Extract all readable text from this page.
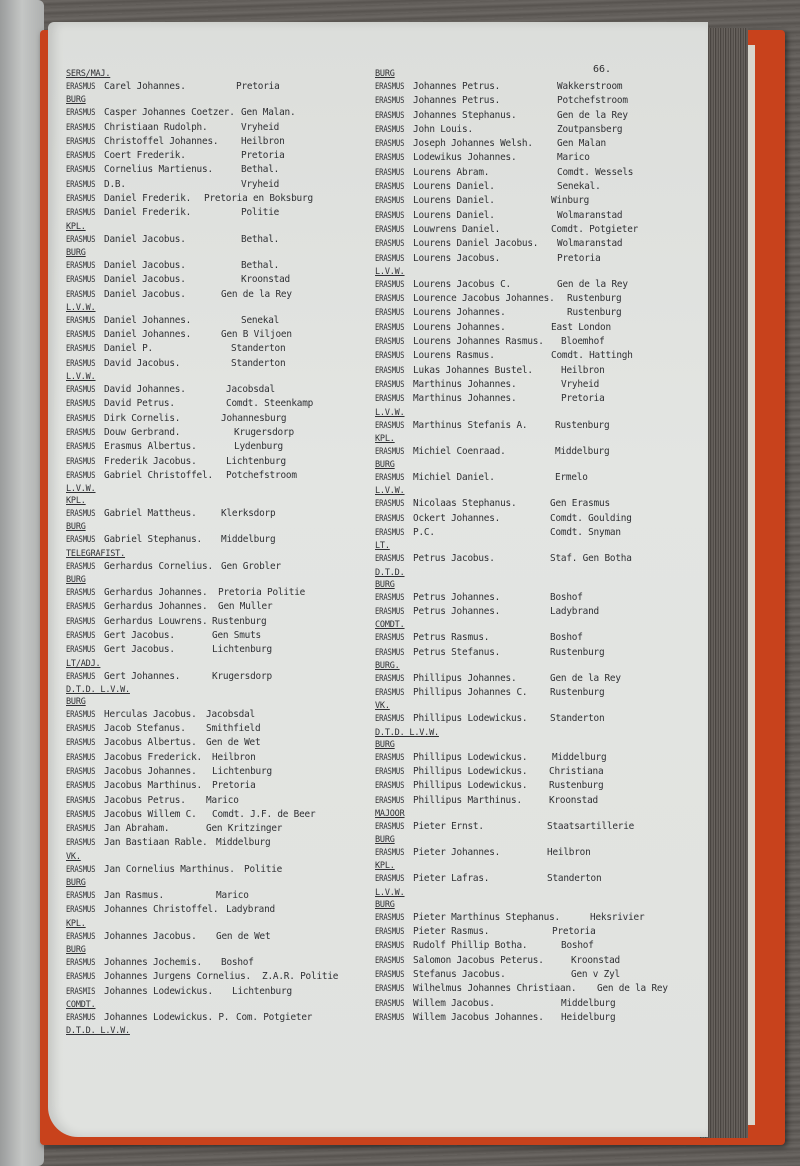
66.
SERS/MAJ.
ERASMUS Carel Johannes.	Pretoria
BURG
ERASMUS Casper Johannes Coetzer. Gen Malan.
ERASMUS Christiaan Rudolph.	Vryheid
ERASMUS Christoffel Johannes. Heilbron
ERASMUS Coert Frederik.	Pretoria
ERASMUS Cornelius Martienus.	Bethal.
ERASMUS D.B.	Vryheid
ERASMUS Daniel Frederik. Pretoria en Boksburg
ERASMUS Daniel Frederik.	Politie
KPL.
ERASMUS Daniel Jacobus.	Bethal.
BURG
ERASMUS Daniel Jacobus.	Bethal.
ERASMUS Daniel Jacobus.	Kroonstad
ERASMUS Daniel Jacobus.	Gen de la Rey
L.V.W.
ERASMUS Daniel Johannes.	Senekal
ERASMUS Daniel Johannes.	Gen B Viljoen
ERASMUS Daniel P.	Standerton
ERASMUS David Jacobus.	Standerton
L.V.W.
ERASMUS David Johannes.	Jacobsdal
ERASMUS David Petrus.	Comdt. Steenkamp
ERASMUS Dirk Cornelis.	Johannesburg
ERASMUS Douw Gerbrand.	Krugersdorp
ERASMUS Erasmus Albertus.	Lydenburg
ERASMUS Frederik Jacobus.	Lichtenburg
ERASMUS Gabriel Christoffel. Potchefstroom
L.V.W.
KPL.
ERASMUS Gabriel Mattheus.	Klerksdorp
BURG
ERASMUS Gabriel Stephanus. Middelburg
TELEGRAFIST.
ERASMUS Gerhardus Cornelius. Gen Grobler
BURG
ERASMUS Gerhardus Johannes. Pretoria Politie
ERASMUS Gerhardus Johannes. Gen Muller
ERASMUS Gerhardus Louwrens. Rustenburg
ERASMUS Gert Jacobus.	Gen Smuts
ERASMUS Gert Jacobus.	Lichtenburg
LT/ADJ.
ERASMUS Gert Johannes.	Krugersdorp
D.T.D. L.V.W.
BURG
ERASMUS Herculas Jacobus. Jacobsdal
ERASMUS Jacob Stefanus. Smithfield
ERASMUS Jacobus Albertus. Gen de Wet
ERASMUS Jacobus Frederick. Heilbron
ERASMUS Jacobus Johannes. Lichtenburg
ERASMUS Jacobus Marthinus. Pretoria
ERASMUS Jacobus Petrus. Marico
ERASMUS Jacobus Willem C. Comdt. J.F. de Beer
ERASMUS Jan Abraham.	Gen Kritzinger
ERASMUS Jan Bastiaan Rable. Middelburg
VK.
ERASMUS Jan Cornelius Marthinus. Politie
BURG
ERASMUS Jan Rasmus.	Marico
ERASMUS Johannes Christoffel. Ladybrand
KPL.
ERASMUS Johannes Jacobus. Gen de Wet
BURG
ERASMUS Johannes Jochemis. Boshof
ERASMUS Johannes Jurgens Cornelius. Z.A.R. Politie
ERASMIS Johannes Lodewickus. Lichtenburg
COMDT.
ERASMUS Johannes Lodewickus. P. Com. Potgieter
D.T.D. L.V.W.
BURG
ERASMUS Johannes Petrus.	Wakkerstroom
ERASMUS Johannes Petrus.	Potchefstroom
ERASMUS Johannes Stephanus.	Gen de la Rey
ERASMUS John Louis.	Zoutpansberg
ERASMUS Joseph Johannes Welsh.	Gen Malan
ERASMUS Lodewikus Johannes.	Marico
ERASMUS Lourens Abram.	Comdt. Wessels
ERASMUS Lourens Daniel.	Senekal.
ERASMUS Lourens Daniel.	Winburg
ERASMUS Lourens Daniel.	Wolmaranstad
ERASMUS Louwrens Daniel.	Comdt. Potgieter
ERASMUS Lourens Daniel Jacobus. Wolmaranstad
ERASMUS Lourens Jacobus.	Pretoria
L.V.W.
ERASMUS Lourens Jacobus C.	Gen de la Rey
ERASMUS Lourence Jacobus Johannes. Rustenburg
ERASMUS Lourens Johannes.	Rustenburg
ERASMUS Lourens Johannes.	East London
ERASMUS Lourens Johannes Rasmus. Bloemhof
ERASMUS Lourens Rasmus.	Comdt. Hattingh
ERASMUS Lukas Johannes Bustel.	Heilbron
ERASMUS Marthinus Johannes.	Vryheid
ERASMUS Marthinus Johannes.	Pretoria
L.V.W.
ERASMUS Marthinus Stefanis A.	Rustenburg
KPL.
ERASMUS Michiel Coenraad.	Middelburg
BURG
ERASMUS Michiel Daniel.	Ermelo
L.V.W.
ERASMUS Nicolaas Stephanus.	Gen Erasmus
ERASMUS Ockert Johannes.	Comdt. Goulding
ERASMUS P.C.	Comdt. Snyman
LT.
ERASMUS Petrus Jacobus.	Staf. Gen Botha
D.T.D.
BURG
ERASMUS Petrus Johannes.	Boshof
ERASMUS Petrus Johannes.	Ladybrand
COMDT.
ERASMUS Petrus Rasmus.	Boshof
ERASMUS Petrus Stefanus.	Rustenburg
BURG.
ERASMUS Phillipus Johannes.	Gen de la Rey
ERASMUS Phillipus Johannes C. Rustenburg
VK.
ERASMUS Phillipus Lodewickus. Standerton
D.T.D. L.V.W.
BURG
ERASMUS Phillipus Lodewickus.	Middelburg
ERASMUS Phillipus Lodewickus. Christiana
ERASMUS Phillipus Lodewickus. Rustenburg
ERASMUS Phillipus Marthinus.	Kroonstad
MAJOOR
ERASMUS Pieter Ernst.	Staatsartillerie
BURG
ERASMUS Pieter Johannes.	Heilbron
KPL.
ERASMUS Pieter Lafras.	Standerton
L.V.W.
BURG
ERASMUS Pieter Marthinus Stephanus.	Heksrivier
ERASMUS Pieter Rasmus.	Pretoria
ERASMUS Rudolf Phillip Botha.	Boshof
ERASMUS Salomon Jacobus Peterus.	Kroonstad
ERASMUS Stefanus Jacobus.	Gen v Zyl
ERASMUS Wilhelmus Johannes Christiaan. Gen de la Rey
ERASMUS Willem Jacobus.	Middelburg
ERASMUS Willem Jacobus Johannes. Heidelburg
